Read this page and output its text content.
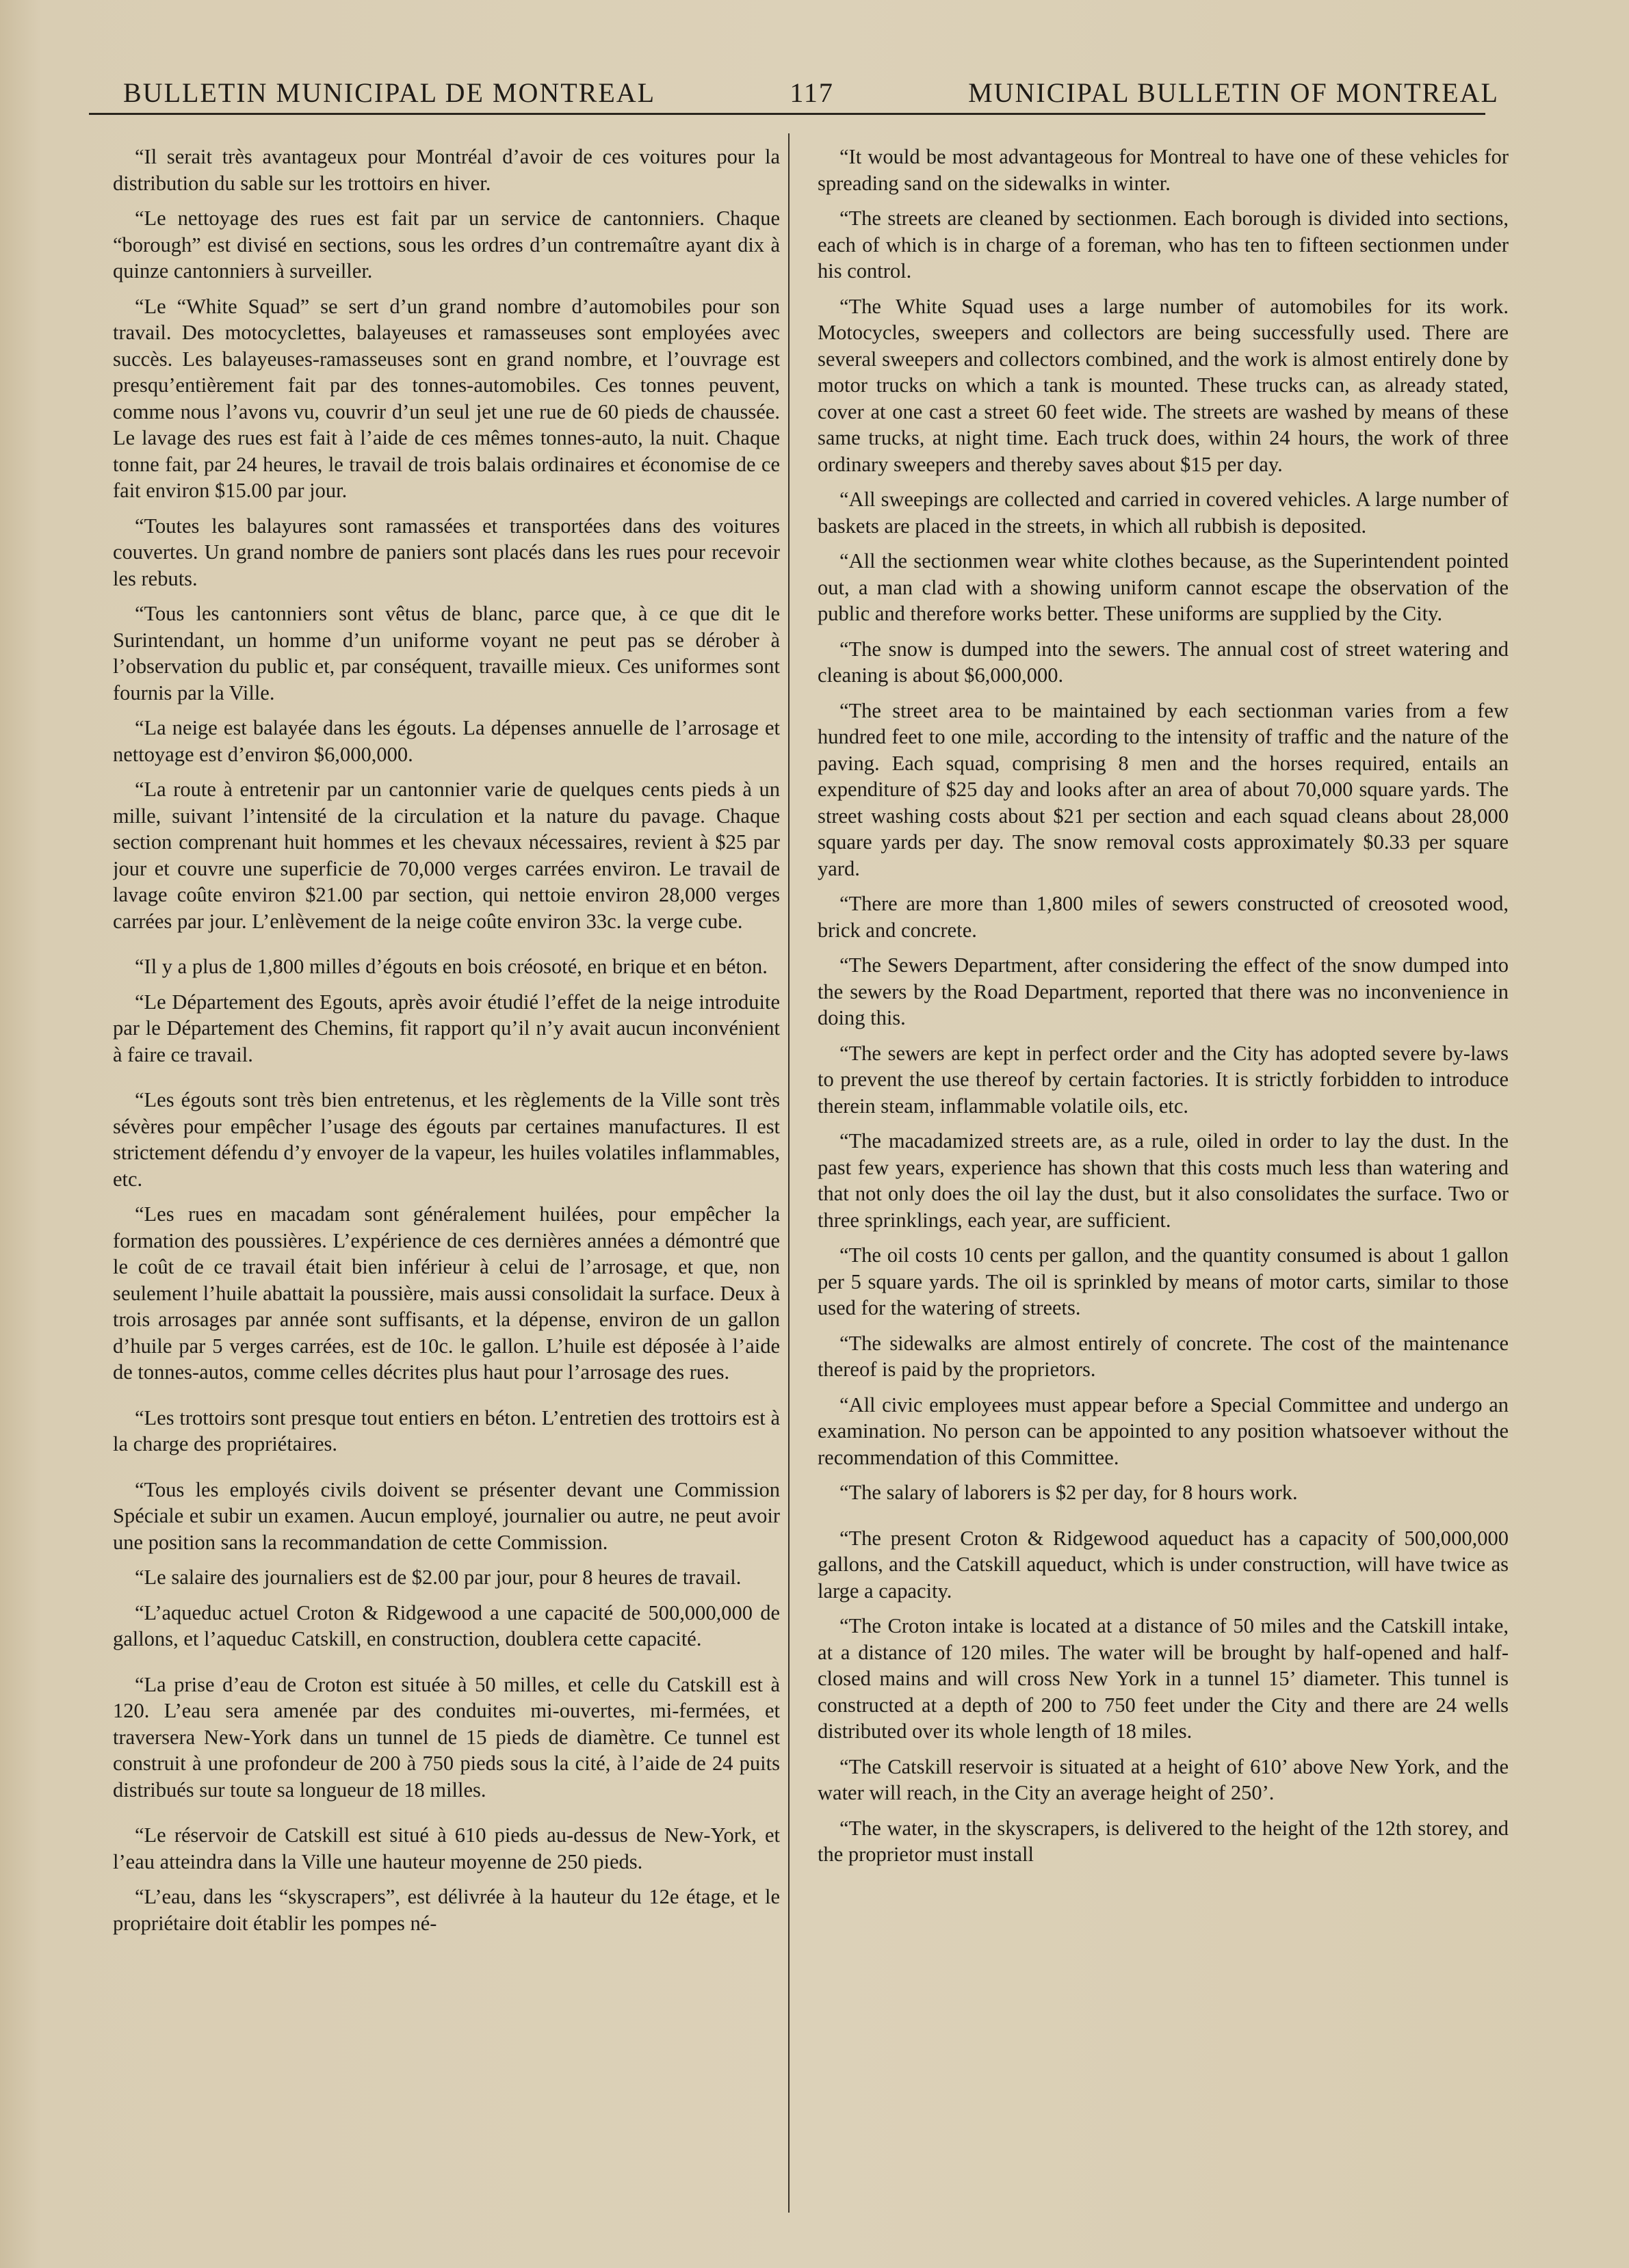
BULLETIN MUNICIPAL DE MONTREAL	117	MUNICIPAL BULLETIN OF MONTREAL

“Il serait très avantageux pour Montréal d’avoir de ces voitures pour la distribution du sable sur les trottoirs en hiver.

“Le nettoyage des rues est fait par un service de cantonniers. Chaque “borough” est divisé en sections, sous les ordres d’un contremaître ayant dix à quinze cantonniers à surveiller.

“Le “White Squad” se sert d’un grand nombre d’automobiles pour son travail. Des motocyclettes, balayeuses et ramasseuses sont employées avec succès. Les balayeuses-ramasseuses sont en grand nombre, et l’ouvrage est presqu’entièrement fait par des tonnes-automobiles. Ces tonnes peuvent, comme nous l’avons vu, couvrir d’un seul jet une rue de 60 pieds de chaussée. Le lavage des rues est fait à l’aide de ces mêmes tonnes-auto, la nuit. Chaque tonne fait, par 24 heures, le travail de trois balais ordinaires et économise de ce fait environ $15.00 par jour.

“Toutes les balayures sont ramassées et transportées dans des voitures couvertes. Un grand nombre de paniers sont placés dans les rues pour recevoir les rebuts.

“Tous les cantonniers sont vêtus de blanc, parce que, à ce que dit le Surintendant, un homme d’un uniforme voyant ne peut pas se dérober à l’observation du public et, par conséquent, travaille mieux. Ces uniformes sont fournis par la Ville.

“La neige est balayée dans les égouts. La dépenses annuelle de l’arrosage et nettoyage est d’environ $6,000,000.

“La route à entretenir par un cantonnier varie de quelques cents pieds à un mille, suivant l’intensité de la circulation et la nature du pavage. Chaque section comprenant huit hommes et les chevaux nécessaires, revient à $25 par jour et couvre une superficie de 70,000 verges carrées environ. Le travail de lavage coûte environ $21.00 par section, qui nettoie environ 28,000 verges carrées par jour. L’enlèvement de la neige coûte environ 33c. la verge cube.

“Il y a plus de 1,800 milles d’égouts en bois créosoté, en brique et en béton.

“Le Département des Egouts, après avoir étudié l’effet de la neige introduite par le Département des Chemins, fit rapport qu’il n’y avait aucun inconvénient à faire ce travail.

“Les égouts sont très bien entretenus, et les règlements de la Ville sont très sévères pour empêcher l’usage des égouts par certaines manufactures. Il est strictement défendu d’y envoyer de la vapeur, les huiles volatiles inflammables, etc.

“Les rues en macadam sont généralement huilées, pour empêcher la formation des poussières. L’expérience de ces dernières années a démontré que le coût de ce travail était bien inférieur à celui de l’arrosage, et que, non seulement l’huile abattait la poussière, mais aussi consolidait la surface. Deux à trois arrosages par année sont suffisants, et la dépense, environ de un gallon d’huile par 5 verges carrées, est de 10c. le gallon. L’huile est déposée à l’aide de tonnes-autos, comme celles décrites plus haut pour l’arrosage des rues.

“Les trottoirs sont presque tout entiers en béton. L’entretien des trottoirs est à la charge des propriétaires.

“Tous les employés civils doivent se présenter devant une Commission Spéciale et subir un examen. Aucun employé, journalier ou autre, ne peut avoir une position sans la recommandation de cette Commission.

“Le salaire des journaliers est de $2.00 par jour, pour 8 heures de travail.

“L’aqueduc actuel Croton & Ridgewood a une capacité de 500,000,000 de gallons, et l’aqueduc Catskill, en construction, doublera cette capacité.

“La prise d’eau de Croton est située à 50 milles, et celle du Catskill est à 120. L’eau sera amenée par des conduites mi-ouvertes, mi-fermées, et traversera New-York dans un tunnel de 15 pieds de diamètre. Ce tunnel est construit à une profondeur de 200 à 750 pieds sous la cité, à l’aide de 24 puits distribués sur toute sa longueur de 18 milles.

“Le réservoir de Catskill est situé à 610 pieds au-dessus de New-York, et l’eau atteindra dans la Ville une hauteur moyenne de 250 pieds.

“L’eau, dans les “skyscrapers”, est délivrée à la hauteur du 12e étage, et le propriétaire doit établir les pompes né-

“It would be most advantageous for Montreal to have one of these vehicles for spreading sand on the sidewalks in winter.

“The streets are cleaned by sectionmen. Each borough is divided into sections, each of which is in charge of a foreman, who has ten to fifteen sectionmen under his control.

“The White Squad uses a large number of automobiles for its work. Motocycles, sweepers and collectors are being successfully used. There are several sweepers and collectors combined, and the work is almost entirely done by motor trucks on which a tank is mounted. These trucks can, as already stated, cover at one cast a street 60 feet wide. The streets are washed by means of these same trucks, at night time. Each truck does, within 24 hours, the work of three ordinary sweepers and thereby saves about $15 per day.

“All sweepings are collected and carried in covered vehicles. A large number of baskets are placed in the streets, in which all rubbish is deposited.

“All the sectionmen wear white clothes because, as the Superintendent pointed out, a man clad with a showing uniform cannot escape the observation of the public and therefore works better. These uniforms are supplied by the City.

“The snow is dumped into the sewers. The annual cost of street watering and cleaning is about $6,000,000.

“The street area to be maintained by each sectionman varies from a few hundred feet to one mile, according to the intensity of traffic and the nature of the paving. Each squad, comprising 8 men and the horses required, entails an expenditure of $25 day and looks after an area of about 70,000 square yards. The street washing costs about $21 per section and each squad cleans about 28,000 square yards per day. The snow removal costs approximately $0.33 per square yard.

“There are more than 1,800 miles of sewers constructed of creosoted wood, brick and concrete.

“The Sewers Department, after considering the effect of the snow dumped into the sewers by the Road Department, reported that there was no inconvenience in doing this.

“The sewers are kept in perfect order and the City has adopted severe by-laws to prevent the use thereof by certain factories. It is strictly forbidden to introduce therein steam, inflammable volatile oils, etc.

“The macadamized streets are, as a rule, oiled in order to lay the dust. In the past few years, experience has shown that this costs much less than watering and that not only does the oil lay the dust, but it also consolidates the surface. Two or three sprinklings, each year, are sufficient.

“The oil costs 10 cents per gallon, and the quantity consumed is about 1 gallon per 5 square yards. The oil is sprinkled by means of motor carts, similar to those used for the watering of streets.

“The sidewalks are almost entirely of concrete. The cost of the maintenance thereof is paid by the proprietors.

“All civic employees must appear before a Special Committee and undergo an examination. No person can be appointed to any position whatsoever without the recommendation of this Committee.

“The salary of laborers is $2 per day, for 8 hours work.

“The present Croton & Ridgewood aqueduct has a capacity of 500,000,000 gallons, and the Catskill aqueduct, which is under construction, will have twice as large a capacity.

“The Croton intake is located at a distance of 50 miles and the Catskill intake, at a distance of 120 miles. The water will be brought by half-opened and half-closed mains and will cross New York in a tunnel 15’ diameter. This tunnel is constructed at a depth of 200 to 750 feet under the City and there are 24 wells distributed over its whole length of 18 miles.

“The Catskill reservoir is situated at a height of 610’ above New York, and the water will reach, in the City an average height of 250’.

“The water, in the skyscrapers, is delivered to the height of the 12th storey, and the proprietor must install
